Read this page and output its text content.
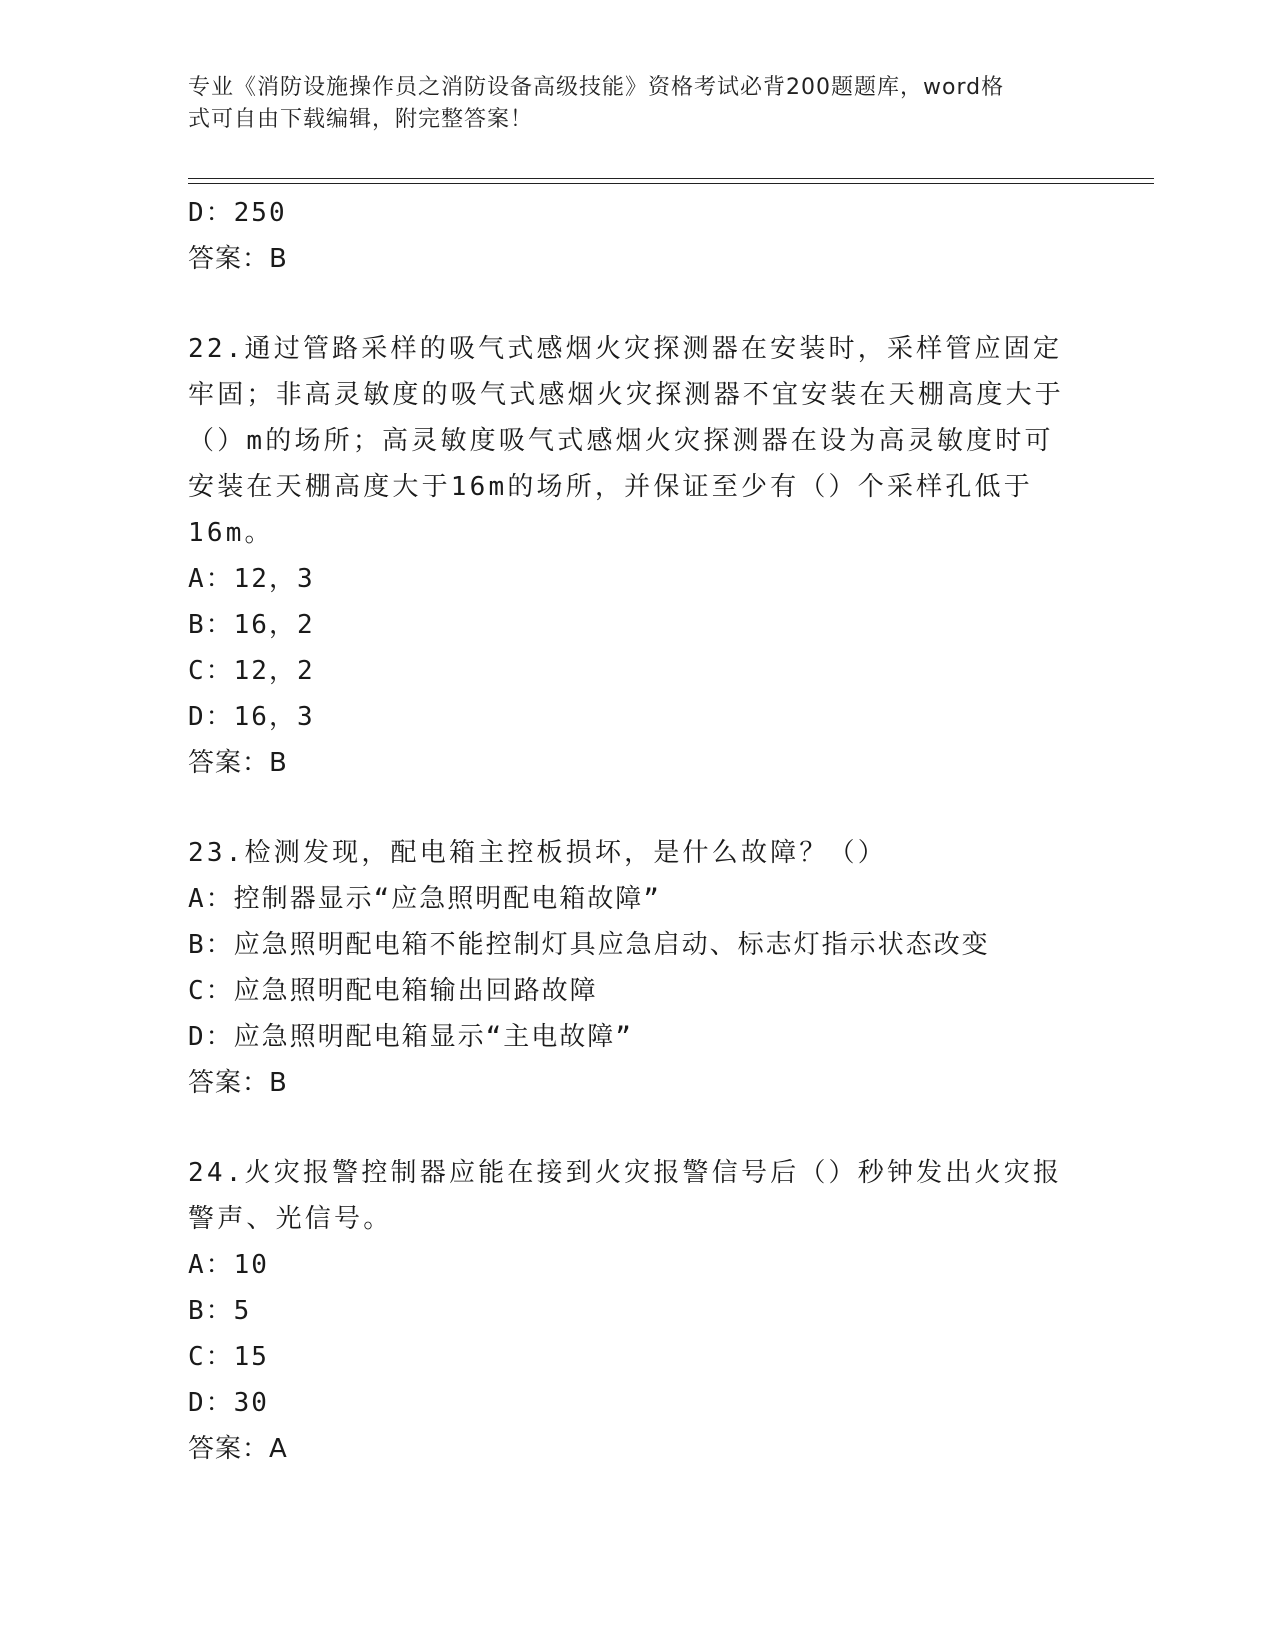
专业《消防设施操作员之消防设备高级技能》资格考试必背200题题库，word格
式可自由下载编辑，附完整答案！
D：250
答案：B
22.通过管路采样的吸气式感烟火灾探测器在安装时，采样管应固定牢固；非高灵敏度的吸气式感烟火灾探测器不宜安装在天棚高度大于（）m的场所；高灵敏度吸气式感烟火灾探测器在设为高灵敏度时可安装在天棚高度大于16m的场所，并保证至少有（）个采样孔低于16m。
A：12，3
B：16，2
C：12，2
D：16，3
答案：B
23.检测发现，配电箱主控板损坏，是什么故障？（）
A：控制器显示“应急照明配电箱故障”
B：应急照明配电箱不能控制灯具应急启动、标志灯指示状态改变
C：应急照明配电箱输出回路故障
D：应急照明配电箱显示“主电故障”
答案：B
24.火灾报警控制器应能在接到火灾报警信号后（）秒钟发出火灾报警声、光信号。
A：10
B：5
C：15
D：30
答案：A
